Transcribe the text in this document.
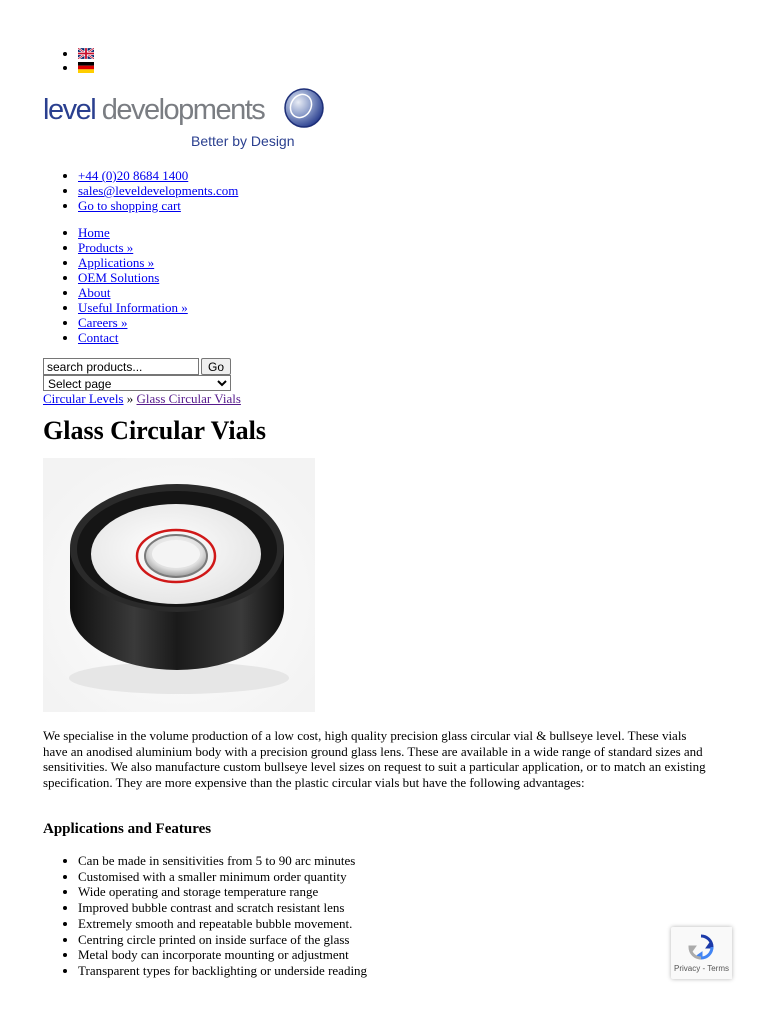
•
•
level developments
Better by Design
• +44 (0)20 8684 1400
• sales@leveldevelopments.com
• Go to shopping cart
• Home
• Products »
• Applications »
• OEM Solutions
• About
• Useful Information »
• Careers »
• Contact
search products...
Go
Select page
Circular Levels » Glass Circular Vials
Glass Circular Vials

We specialise in the volume production of a low cost, high quality precision glass circular vial & bullseye level. These vials have an anodised aluminium body with a precision ground glass lens. These are available in a wide range of standard sizes and sensitivities. We also manufacture custom bullseye level sizes on request to suit a particular application, or to match an existing specification. They are more expensive than the plastic circular vials but have the following advantages:

Applications and Features
• Can be made in sensitivities from 5 to 90 arc minutes
• Customised with a smaller minimum order quantity
• Wide operating and storage temperature range
• Improved bubble contrast and scratch resistant lens
• Extremely smooth and repeatable bubble movement.
• Centring circle printed on inside surface of the glass
• Metal body can incorporate mounting or adjustment
• Transparent types for backlighting or underside reading	Privacy - Terms
